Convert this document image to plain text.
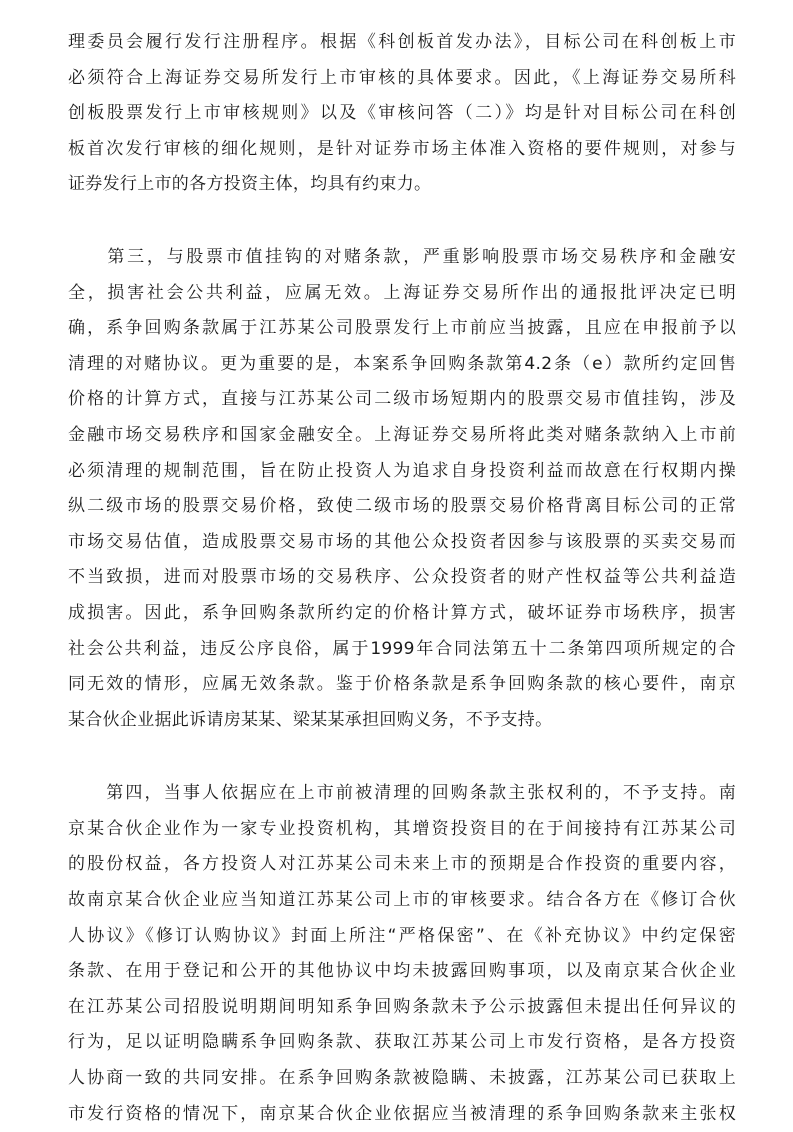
理委员会履行发行注册程序。根据《科创板首发办法》，目标公司在科创板上市
必须符合上海证券交易所发行上市审核的具体要求。因此，《上海证券交易所科
创板股票发行上市审核规则》以及《审核问答（二）》均是针对目标公司在科创
板首次发行审核的细化规则，是针对证券市场主体准入资格的要件规则，对参与
证券发行上市的各方投资主体，均具有约束力。

　　第三，与股票市值挂钩的对赌条款，严重影响股票市场交易秩序和金融安
全，损害社会公共利益，应属无效。上海证券交易所作出的通报批评决定已明
确，系争回购条款属于江苏某公司股票发行上市前应当披露，且应在申报前予以
清理的对赌协议。更为重要的是，本案系争回购条款第4.2条（e）款所约定回售
价格的计算方式，直接与江苏某公司二级市场短期内的股票交易市值挂钩，涉及
金融市场交易秩序和国家金融安全。上海证券交易所将此类对赌条款纳入上市前
必须清理的规制范围，旨在防止投资人为追求自身投资利益而故意在行权期内操
纵二级市场的股票交易价格，致使二级市场的股票交易价格背离目标公司的正常
市场交易估值，造成股票交易市场的其他公众投资者因参与该股票的买卖交易而
不当致损，进而对股票市场的交易秩序、公众投资者的财产性权益等公共利益造
成损害。因此，系争回购条款所约定的价格计算方式，破坏证券市场秩序，损害
社会公共利益，违反公序良俗，属于1999年合同法第五十二条第四项所规定的合
同无效的情形，应属无效条款。鉴于价格条款是系争回购条款的核心要件，南京
某合伙企业据此诉请房某某、梁某某承担回购义务，不予支持。

　　第四，当事人依据应在上市前被清理的回购条款主张权利的，不予支持。南
京某合伙企业作为一家专业投资机构，其增资投资目的在于间接持有江苏某公司
的股份权益，各方投资人对江苏某公司未来上市的预期是合作投资的重要内容，
故南京某合伙企业应当知道江苏某公司上市的审核要求。结合各方在《修订合伙
人协议》《修订认购协议》封面上所注“严格保密”、在《补充协议》中约定保密
条款、在用于登记和公开的其他协议中均未披露回购事项，以及南京某合伙企业
在江苏某公司招股说明期间明知系争回购条款未予公示披露但未提出任何异议的
行为，足以证明隐瞒系争回购条款、获取江苏某公司上市发行资格，是各方投资
人协商一致的共同安排。在系争回购条款被隐瞒、未披露，江苏某公司已获取上
市发行资格的情况下，南京某合伙企业依据应当被清理的系争回购条款来主张权
